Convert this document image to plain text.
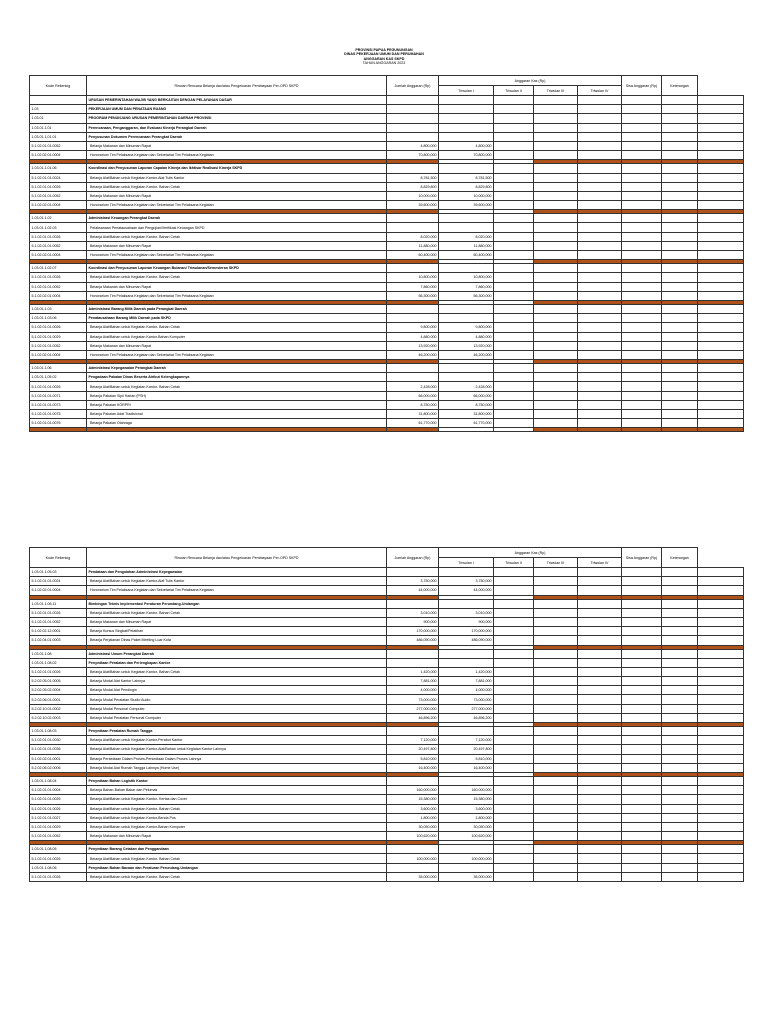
PROVINSI PAPUA PEGUNUNGAN
DINAS PEKERJAAN UMUM DAN PERUMAHAN
ANGGARAN KAS SKPD
TAHUN ANGGARAN 2023
Kode Rekening	Rincian Rencana Belanja dan/atau Pengeluaran Pembiayaan Per-OPD SKPD	Jumlah Anggaran (Rp)	Anggaran Kas (Rp)				Sisa Anggaran (Rp)	Keterangan	
			Triwulan I	Triwulan II	Triwulan III	Triwulan IV			
	URUSAN PEMERINTAHAN WAJIB YANG BERKAITAN DENGAN PELAYANAN DASAR								
1.03	PEKERJAAN UMUM DAN PENATAAN RUANG								
1.03.01	PROGRAM PENUNJANG URUSAN PEMERINTAHAN DAERAH PROVINSI								
1.03.01.1.01	Perencanaan, Penganggaran, dan Evaluasi Kinerja Perangkat Daerah								
1.03.01.1.01.01	Penyusunan Dokumen Perencanaan Perangkat Daerah								
5.1.02.01.01.0052	Belanja Makanan dan Minuman Rapat	4,800,000	4,800,000						
5.1.02.02.01.0004	Honorarium Tim Pelaksana Kegiatan dan Sekretariat Tim Pelaksana Kegiatan	70,800,000	70,800,000						

1.03.01.1.01.06	Koordinasi dan Penyusunan Laporan Capaian Kinerja dan Ikhtisar Realisasi Kinerja SKPD								
5.1.02.01.01.0024	Belanja Alat/Bahan untuk Kegiatan Kantor-Alat Tulis Kantor	8,781,500	8,781,500						
5.1.02.01.01.0026	Belanja Alat/Bahan untuk Kegiatan Kantor- Bahan Cetak	8,829,800	8,829,800						
5.1.02.01.01.0052	Belanja Makanan dan Minuman Rapat	10,000,000	10,000,000						
5.1.02.02.01.0004	Honorarium Tim Pelaksana Kegiatan dan Sekretariat Tim Pelaksana Kegiatan	39,600,000	39,600,000						

1.03.01.1.02	Administrasi Keuangan Perangkat Daerah								
1.03.01.1.02.03	Pelaksanaan Penatausahaan dan Pengujian/Verifikasi Keuangan SKPD								
5.1.02.01.01.0026	Belanja Alat/Bahan untuk Kegiatan Kantor- Bahan Cetak	8,020,000	8,020,000						
5.1.02.01.01.0052	Belanja Makanan dan Minuman Rapat	11,880,000	11,880,000						
5.1.02.02.01.0004	Honorarium Tim Pelaksana Kegiatan dan Sekretariat Tim Pelaksana Kegiatan	60,400,000	60,400,000						

1.03.01.1.02.07	Koordinasi dan Penyusunan Laporan Keuangan Bulanan/ Triwulanan/Semesteran SKPD								
5.1.02.01.01.0026	Belanja Alat/Bahan untuk Kegiatan Kantor- Bahan Cetak	10,800,000	10,800,000						
5.1.02.01.01.0052	Belanja Makanan dan Minuman Rapat	7,860,000	7,860,000						
5.1.02.02.01.0004	Honorarium Tim Pelaksana Kegiatan dan Sekretariat Tim Pelaksana Kegiatan	56,300,000	56,300,000						

1.03.01.1.03	Administrasi Barang Milik Daerah pada Perangkat Daerah								
1.03.01.1.03.06	Penatausahaan Barang Milik Daerah pada SKPD								
5.1.02.01.01.0026	Belanja Alat/Bahan untuk Kegiatan Kantor- Bahan Cetak	9,800,000	9,800,000						
5.1.02.01.01.0029	Belanja Alat/Bahan untuk Kegiatan Kantor-Bahan Komputer	4,880,000	4,880,000						
5.1.02.01.01.0052	Belanja Makanan dan Minuman Rapat	13,920,000	13,920,000						
5.1.02.02.01.0004	Honorarium Tim Pelaksana Kegiatan dan Sekretariat Tim Pelaksana Kegiatan	46,200,000	46,200,000						

1.03.01.1.06	Administrasi Kepegawaian Perangkat Daerah								
1.03.01.1.05.02	Pengadaan Pakaian Dinas Beserta Atribut Kelengkapannya								
5.1.02.01.01.0026	Belanja Alat/Bahan untuk Kegiatan Kantor- Bahan Cetak	2,428,000	2,428,000						
5.1.02.01.01.0071	Belanja Pakaian Sipil Harian (PSH)	66,000,000	66,000,000						
5.1.02.01.01.0073	Belanja Pakaian KORPRI	8,750,000	8,750,000						
5.1.02.01.01.0075	Belanja Pakaian Adat Tradisional	31,800,000	31,800,000						
5.1.02.01.01.0076	Belanja Pakaian Olahraga	61,770,000	61,770,000						

Kode Rekening	Rincian Rencana Belanja dan/atau Pengeluaran Pembiayaan Per-OPD SKPD	Jumlah Anggaran (Rp)	Anggaran Kas (Rp)				Sisa Anggaran (Rp)	Keterangan	
			Triwulan I	Triwulan II	Triwulan III	Triwulan IV			
1.03.01.1.05.03	Pendataan dan Pengolahan Administrasi Kepegawaian								
5.1.02.01.01.0024	Belanja Alat/Bahan untuk Kegiatan Kantor-Alat Tulis Kantor	3,750,000	3,750,000						
5.1.02.02.01.0004	Honorarium Tim Pelaksana Kegiatan dan Sekretariat Tim Pelaksana Kegiatan	44,000,000	44,000,000						

1.03.01.1.06.11	Bimbingan Teknis Implementasi Peraturan Perundang-Undangan								
5.1.02.01.01.0026	Belanja Alat/Bahan untuk Kegiatan Kantor- Bahan Cetak	3,010,000	3,010,000						
5.1.02.01.01.0052	Belanja Makanan dan Minuman Rapat	900,000	900,000						
5.1.02.02.12.0001	Belanja Kursus Singkat/Pelatihan	170,000,000	170,000,000						
5.1.02.04.01.0003	Belanja Perjalanan Dinas Paket Meeting Luar Kota	486,090,000	486,090,000						

1.03.01.1.08	Administrasi Umum Perangkat Daerah								
1.03.01.1.08.02	Penyediaan Peralatan dan Perlengkapan Kantor								
5.1.02.01.01.0026	Belanja Alat/Bahan untuk Kegiatan Kantor- Bahan Cetak	1,420,000	1,420,000						
5.2.02.05.01.0005	Belanja Modal Alat Kantor Lainnya	7,881,000	7,881,000						
5.2.02.05.02.0004	Belanja Modal Alat Pendingin	4,000,000	4,000,000						
5.2.02.06.01.0001	Belanja Modal Peralatan Studio Audio	73,000,000	73,000,000						
5.2.02.10.01.0002	Belanja Modal Personal Computer	277,000,000	277,000,000						
5.2.02.10.02.0003	Belanja Modal Peralatan Personal Computer	46,896,200	46,896,200						

1.03.01.1.08.03	Penyediaan Peralatan Rumah Tangga								
5.1.02.01.01.0030	Belanja Alat/Bahan untuk Kegiatan Kantor-Perabot Kantor	7,120,000	7,120,000						
5.1.02.01.01.0036	Belanja Alat/Bahan untuk Kegiatan Kantor-Alat/Bahan untuk Kegiatan Kantor Lainnya	20,497,800	20,497,800						
5.1.02.02.01.0001	Belanja Persediaan Dalam Proses-Persediaan Dalam Proses Lainnya	5,810,000	5,810,000						
5.2.02.06.02.0006	Belanja Modal Alat Rumah Tangga Lainnya (Home Use)	16,400,000	16,400,000						

1.03.01.1.08.04	Penyediaan Bahan Logistik Kantor								
5.1.02.01.01.0004	Belanja Bahan-Bahan Bakar dan Pelumas	160,000,000	160,000,000						
5.1.02.01.01.0025	Belanja Alat/Bahan untuk Kegiatan Kantor- Kertas dan Cover	15,380,000	15,380,000						
5.1.02.01.01.0026	Belanja Alat/Bahan untuk Kegiatan Kantor- Bahan Cetak	3,600,000	3,600,000						
5.1.02.01.01.0027	Belanja Alat/Bahan untuk Kegiatan Kantor-Benda Pos	1,800,000	1,800,000						
5.1.02.01.01.0029	Belanja Alat/Bahan untuk Kegiatan Kantor-Bahan Komputer	30,050,000	30,050,000						
5.1.02.01.01.0052	Belanja Makanan dan Minuman Rapat	100,620,000	100,620,000						

1.03.01.1.08.05	Penyediaan Barang Cetakan dan Penggandaan								
5.1.02.01.01.0026	Belanja Alat/Bahan untuk Kegiatan Kantor- Bahan Cetak	100,000,000	100,000,000						
1.03.01.1.08.06	Penyediaan Bahan Bacaan dan Peraturan Perundang-Undangan								
5.1.02.01.01.0026	Belanja Alat/Bahan untuk Kegiatan Kantor- Bahan Cetak	35,000,000	35,000,000						
